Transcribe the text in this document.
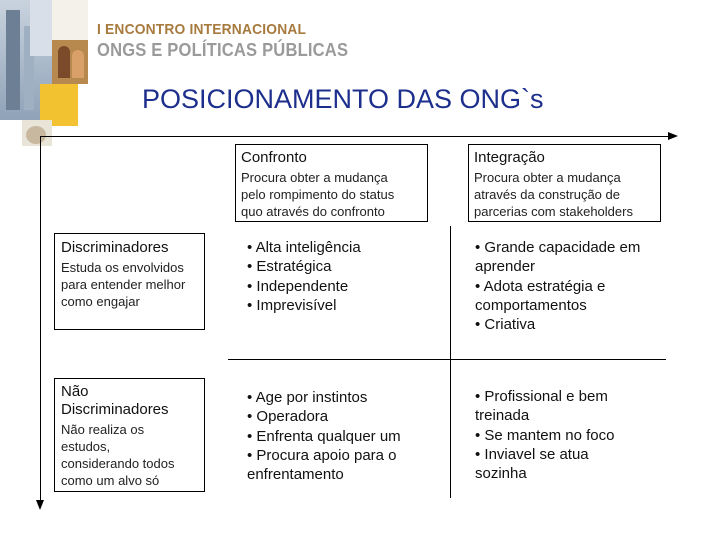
I ENCONTRO INTERNACIONAL
ONGS E POLÍTICAS PÚBLICAS
POSICIONAMENTO DAS ONG`s
Confronto
Procura obter a mudança
pelo rompimento do status
quo através do confronto
Integração
Procura obter a mudança
através da construção de
parcerias com stakeholders
Discriminadores
Estuda os envolvidos
para entender melhor
como engajar
Não
Discriminadores
Não realiza os
estudos,
considerando todos
como um alvo só
• Alta inteligência
• Estratégica
• Independente
• Imprevisível
• Grande capacidade em
aprender
• Adota estratégia e
comportamentos
• Criativa
• Age por instintos
• Operadora
• Enfrenta qualquer um
• Procura apoio para o
enfrentamento
• Profissional e bem
treinada
• Se mantem no foco
• Inviavel se atua
sozinha
